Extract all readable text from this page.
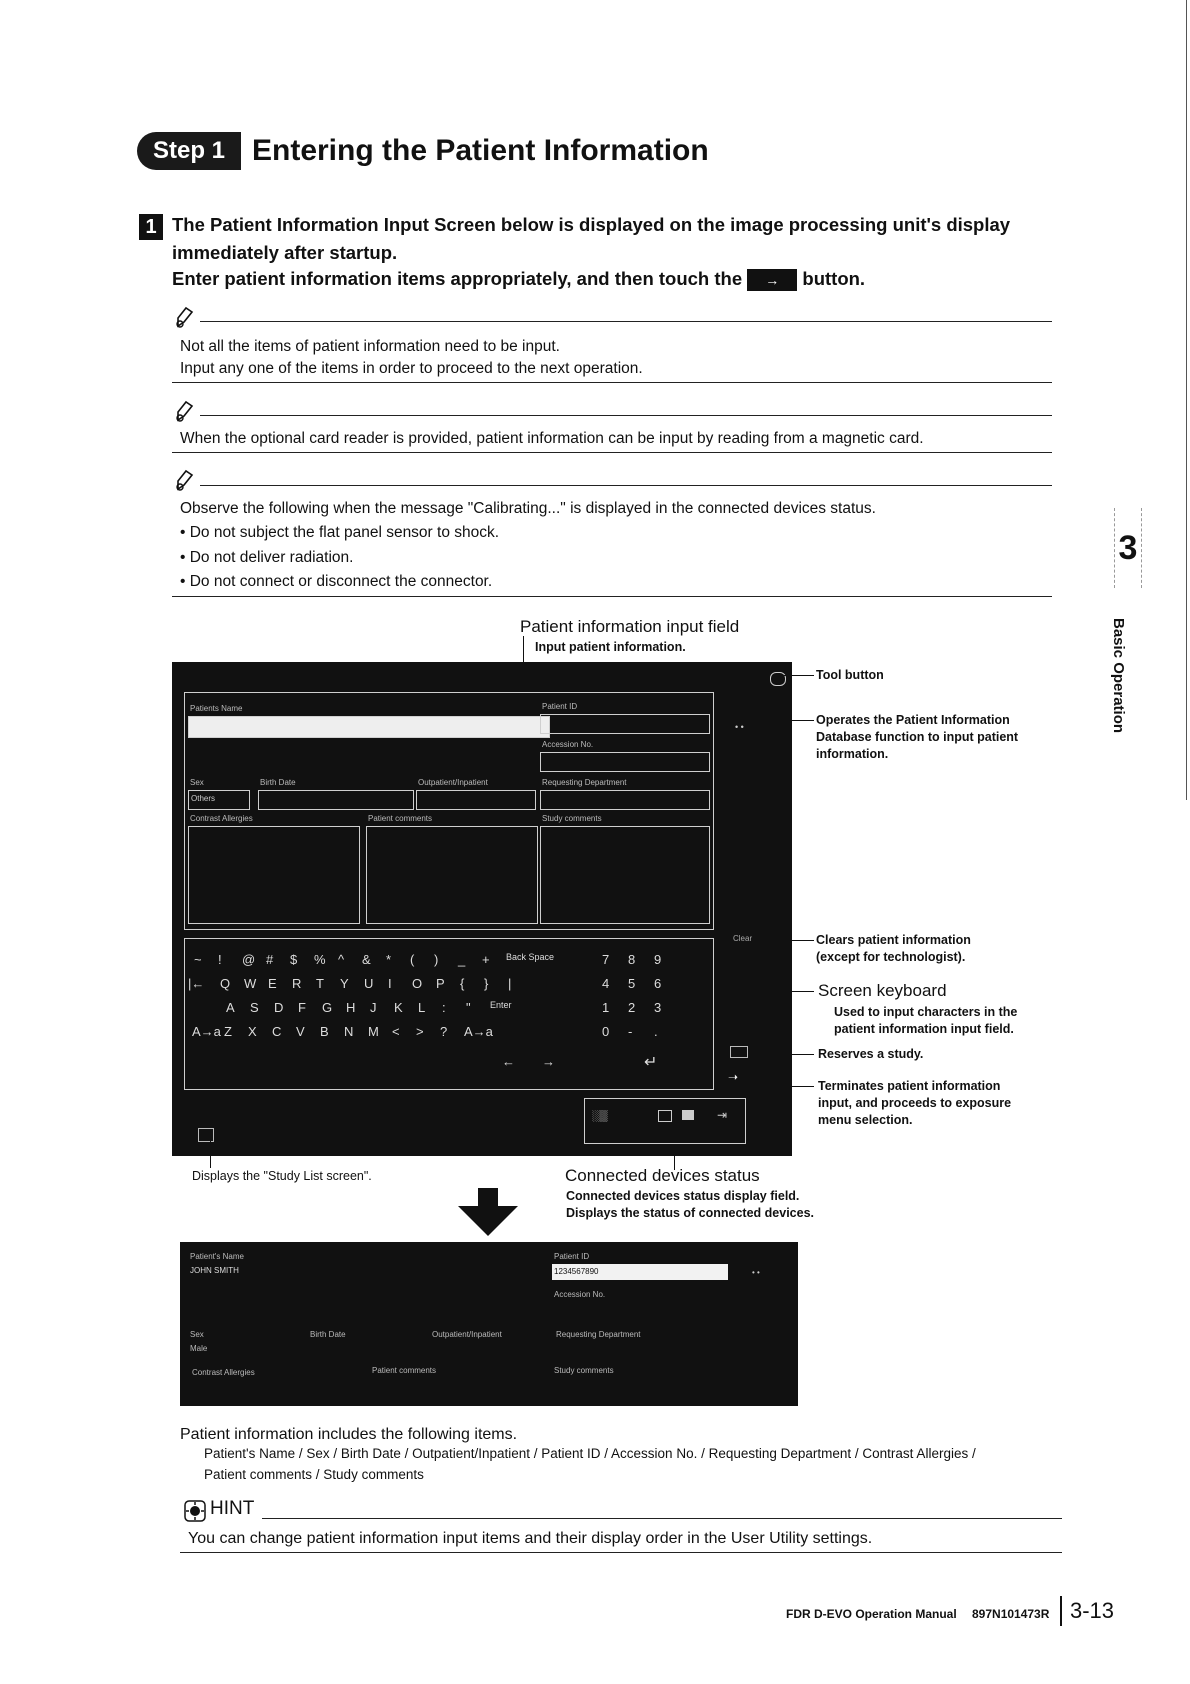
Step 1 Entering the Patient Information
1 The Patient Information Input Screen below is displayed on the image processing unit's display
immediately after startup.
Enter patient information items appropriately, and then touch the → button.
Not all the items of patient information need to be input.
Input any one of the items in order to proceed to the next operation.
When the optional card reader is provided, patient information can be input by reading from a magnetic card.
Observe the following when the message "Calibrating..." is displayed in the connected devices status.
• Do not subject the flat panel sensor to shock.
• Do not deliver radiation.
• Do not connect or disconnect the connector.
3
Basic Operation
Patient information input field
Input patient information.
Patients Name	Patient ID
Accession No.
Sex
Others
Birth Date	Outpatient/Inpatient	Requesting Department
Contrast Allergies	Patient comments	Study comments
• •
Clear
~ ! @ # $ % ^ & * ( ) _ + Back Space
|← Q W E R T Y U I O P { } |
A S D F G H J K L : " Enter
A→a Z X C V B N M < > ? A→a
7 8 9
4 5 6
1 2 3
0 - .
← →	↵
➝
░▒	⇥
Tool button
Operates the Patient Information
Database function to input patient
information.
Clears patient information
(except for technologist).
Screen keyboard
Used to input characters in the
patient information input field.
Reserves a study.
Terminates patient information
input, and proceeds to exposure
menu selection.
Displays the "Study List screen".	Connected devices status
Connected devices status display field.
Displays the status of connected devices.
Patient's Name
JOHN SMITH
Patient ID
1234567890	• •
Accession No.
Sex
Male
Birth Date	Outpatient/Inpatient	Requesting Department
Contrast Allergies	Patient comments	Study comments
Patient information includes the following items.
Patient's Name / Sex / Birth Date / Outpatient/Inpatient / Patient ID / Accession No. / Requesting Department / Contrast Allergies /
Patient comments / Study comments
HINT
You can change patient information input items and their display order in the User Utility settings.
FDR D-EVO Operation Manual 897N101473R 3-13
